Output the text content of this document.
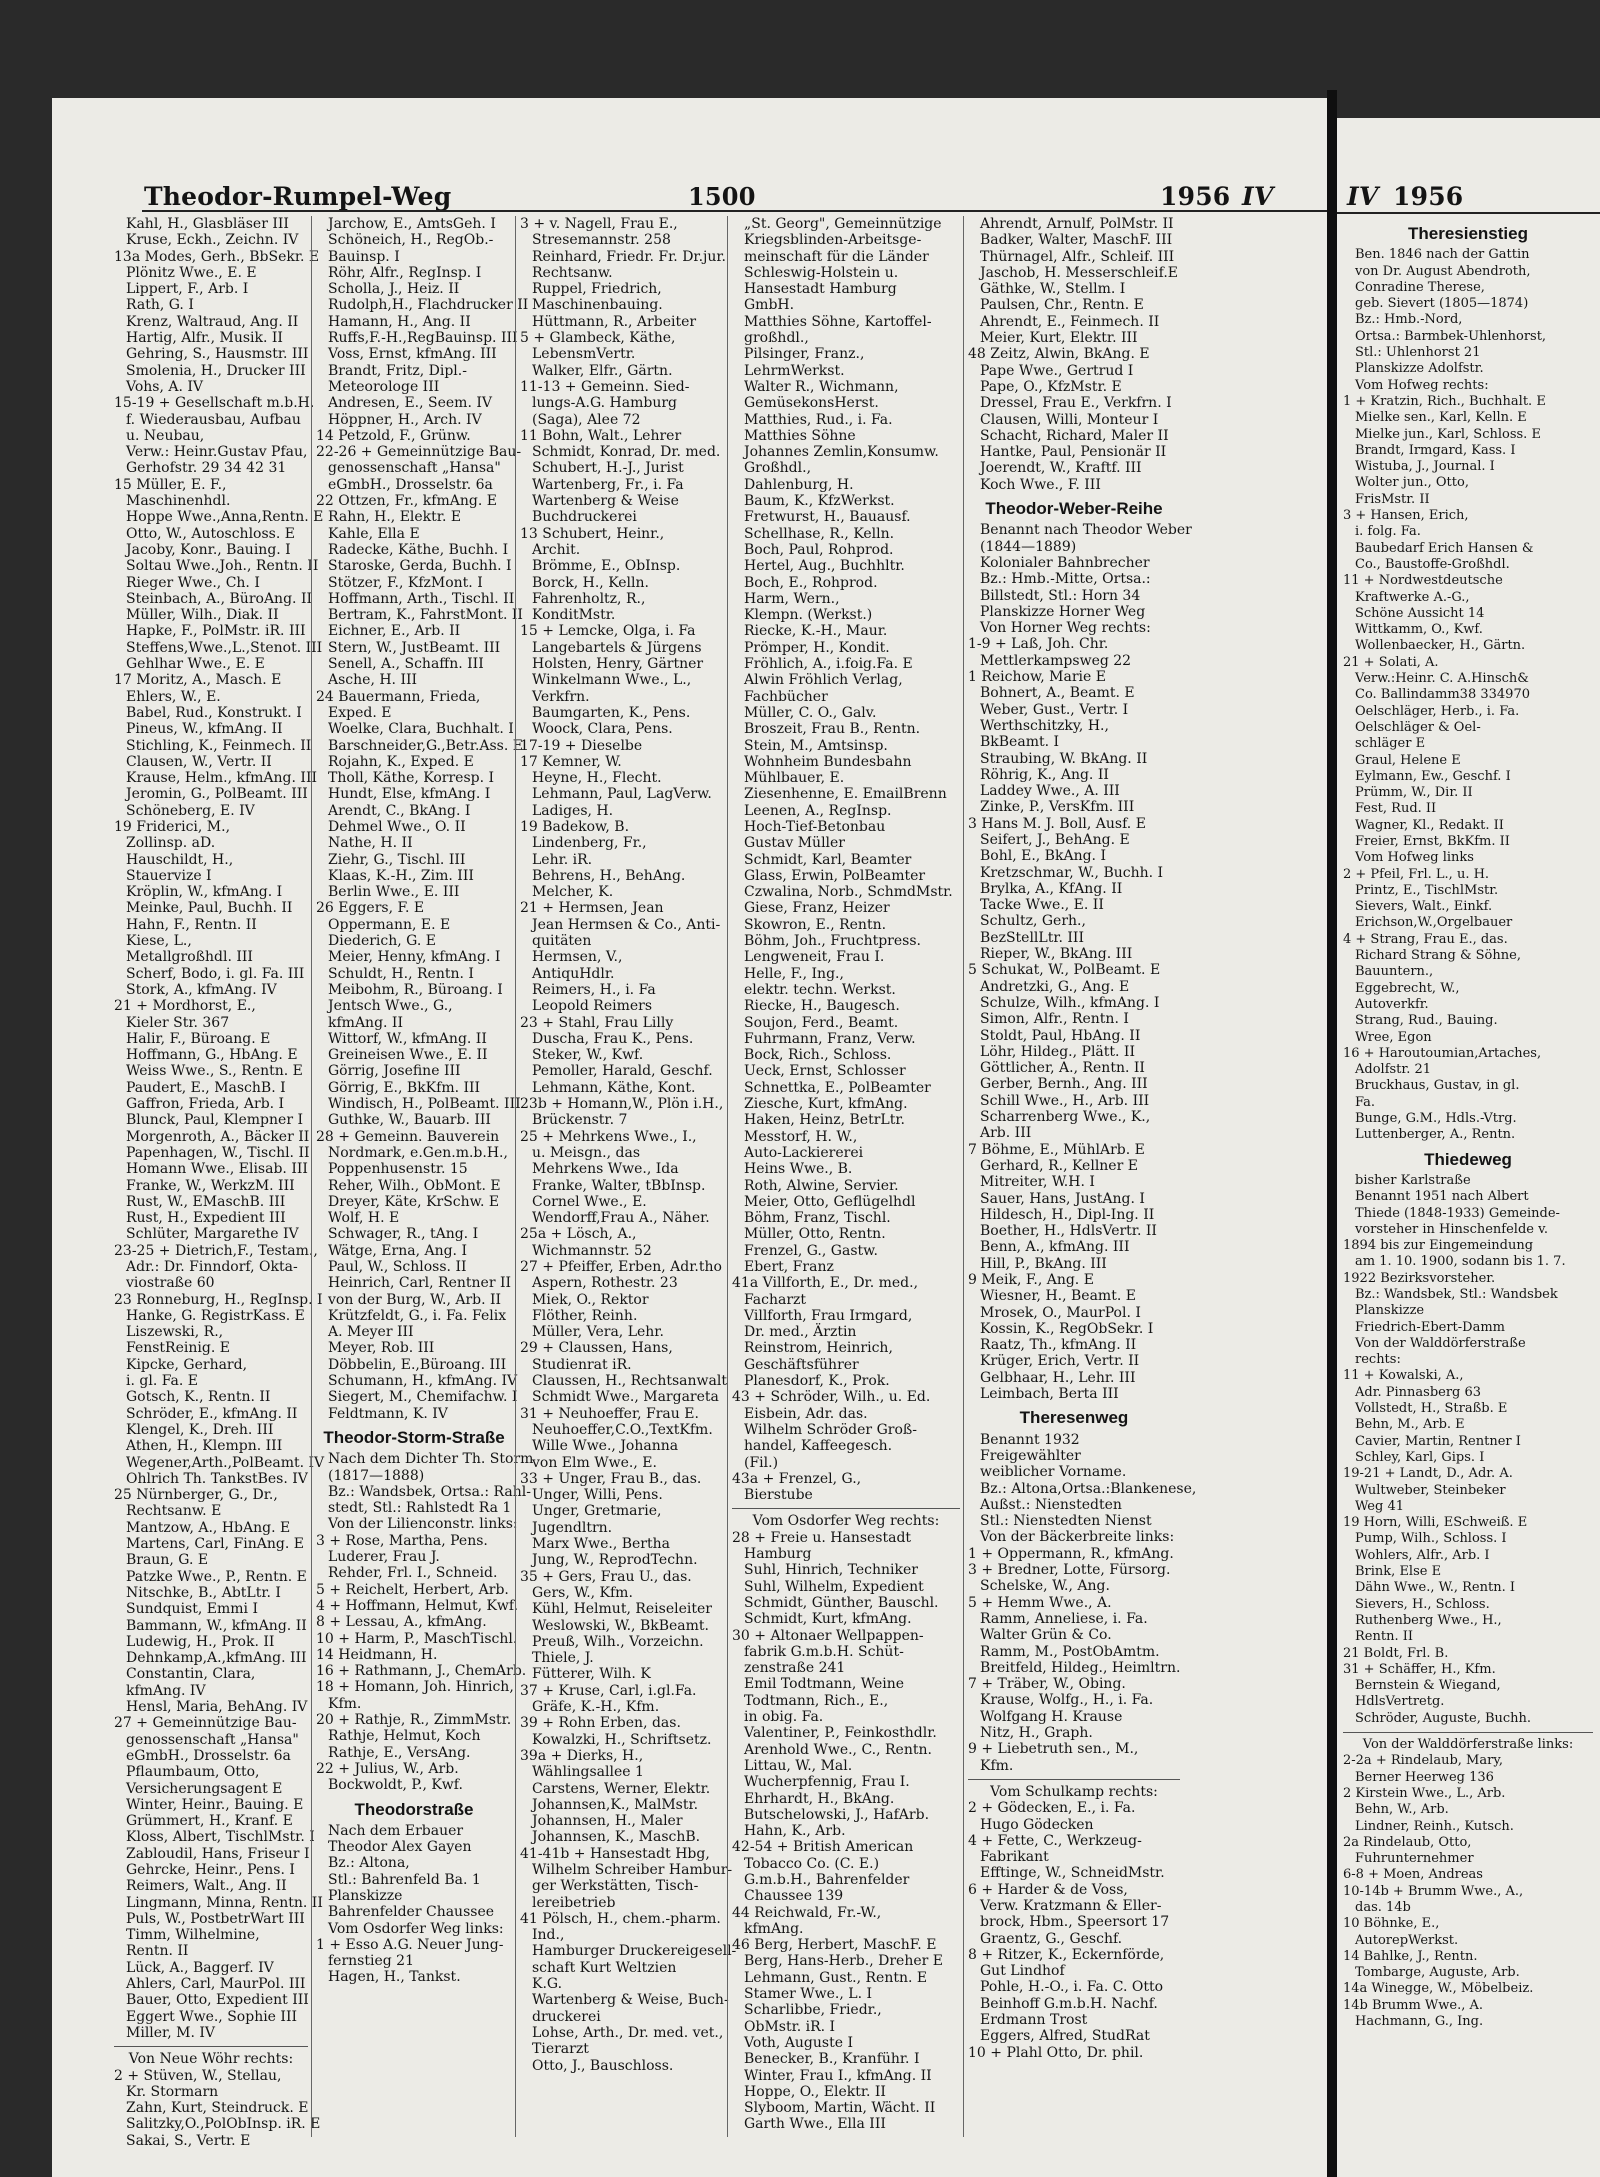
Theodor-Rumpel-Weg	1500	1956 IV
Kahl, H., Glasbläser III
Kruse, Eckh., Zeichn. IV
13a Modes, Gerh., BbSekr. E
Plönitz Wwe., E. E
Lippert, F., Arb. I
Rath, G. I
Krenz, Waltraud, Ang. II
Hartig, Alfr., Musik. II
Gehring, S., Hausmstr. III
Smolenia, H., Drucker III
Vohs, A. IV
15-19 + Gesellschaft m.b.H.
f. Wiederausbau, Aufbau
u. Neubau,
Verw.: Heinr.Gustav Pfau,
Gerhofstr. 29 34 42 31
15 Müller, E. F.,
Maschinenhdl.
Hoppe Wwe.,Anna,Rentn. E
Otto, W., Autoschloss. E
Jacoby, Konr., Bauing. I
Soltau Wwe.,Joh., Rentn. II
Rieger Wwe., Ch. I
Steinbach, A., BüroAng. II
Müller, Wilh., Diak. II
Hapke, F., PolMstr. iR. III
Steffens,Wwe.,L.,Stenot. III
Gehlhar Wwe., E. E
17 Moritz, A., Masch. E
Ehlers, W., E.
Babel, Rud., Konstrukt. I
Pineus, W., kfmAng. II
Stichling, K., Feinmech. II
Clausen, W., Vertr. II
Krause, Helm., kfmAng. III
Jeromin, G., PolBeamt. III
Schöneberg, E. IV
19 Friderici, M.,
Zollinsp. aD.
Hauschildt, H.,
Stauervize I
Kröplin, W., kfmAng. I
Meinke, Paul, Buchh. II
Hahn, F., Rentn. II
Kiese, L.,
Metallgroßhdl. III
Scherf, Bodo, i. gl. Fa. III
Stork, A., kfmAng. IV
21 + Mordhorst, E.,
Kieler Str. 367
Halir, F., Büroang. E
Hoffmann, G., HbAng. E
Weiss Wwe., S., Rentn. E
Paudert, E., MaschB. I
Gaffron, Frieda, Arb. I
Blunck, Paul, Klempner I
Morgenroth, A., Bäcker II
Papenhagen, W., Tischl. II
Homann Wwe., Elisab. III
Franke, W., WerkzM. III
Rust, W., EMaschB. III
Rust, H., Expedient III
Schlüter, Margarethe IV
23-25 + Dietrich,F., Testam.,
Adr.: Dr. Finndorf, Okta-
viostraße 60
23 Ronneburg, H., RegInsp. I
Hanke, G. RegistrKass. E
Liszewski, R.,
FenstReinig. E
Kipcke, Gerhard,
i. gl. Fa. E
Gotsch, K., Rentn. II
Schröder, E., kfmAng. II
Klengel, K., Dreh. III
Athen, H., Klempn. III
Wegener,Arth.,PolBeamt. IV
Ohlrich Th. TankstBes. IV
25 Nürnberger, G., Dr.,
Rechtsanw. E
Mantzow, A., HbAng. E
Martens, Carl, FinAng. E
Braun, G. E
Patzke Wwe., P., Rentn. E
Nitschke, B., AbtLtr. I
Sundquist, Emmi I
Bammann, W., kfmAng. II
Ludewig, H., Prok. II
Dehnkamp,A.,kfmAng. III
Constantin, Clara,
kfmAng. IV
Hensl, Maria, BehAng. IV
27 + Gemeinnützige Bau-
genossenschaft „Hansa"
eGmbH., Drosselstr. 6a
Pflaumbaum, Otto,
Versicherungsagent E
Winter, Heinr., Bauing. E
Grümmert, H., Kranf. E
Kloss, Albert, TischlMstr. I
Zabloudil, Hans, Friseur I
Gehrcke, Heinr., Pens. I
Reimers, Walt., Ang. II
Lingmann, Minna, Rentn. II
Puls, W., PostbetrWart III
Timm, Wilhelmine,
Rentn. II
Lück, A., Baggerf. IV
Ahlers, Carl, MaurPol. III
Bauer, Otto, Expedient III
Eggert Wwe., Sophie III
Miller, M. IV
Von Neue Wöhr rechts:
2 + Stüven, W., Stellau,
Kr. Stormarn
Zahn, Kurt, Steindruck. E
Salitzky,O.,PolObInsp. iR. E
Sakai, S., Vertr. E
Jarchow, E., AmtsGeh. I
Schöneich, H., RegOb.-
Bauinsp. I
Röhr, Alfr., RegInsp. I
Scholla, J., Heiz. II
Rudolph,H., Flachdrucker II
Hamann, H., Ang. II
Ruffs,F.-H.,RegBauinsp. III
Voss, Ernst, kfmAng. III
Brandt, Fritz, Dipl.-
Meteorologe III
Andresen, E., Seem. IV
Höppner, H., Arch. IV
14 Petzold, F., Grünw.
22-26 + Gemeinnützige Bau-
genossenschaft „Hansa"
eGmbH., Drosselstr. 6a
22 Ottzen, Fr., kfmAng. E
Rahn, H., Elektr. E
Kahle, Ella E
Radecke, Käthe, Buchh. I
Staroske, Gerda, Buchh. I
Stötzer, F., KfzMont. I
Hoffmann, Arth., Tischl. II
Bertram, K., FahrstMont. II
Eichner, E., Arb. II
Stern, W., JustBeamt. III
Senell, A., Schaffn. III
Asche, H. III
24 Bauermann, Frieda,
Exped. E
Woelke, Clara, Buchhalt. I
Barschneider,G.,Betr.Ass. E
Rojahn, K., Exped. E
Tholl, Käthe, Korresp. I
Hundt, Else, kfmAng. I
Arendt, C., BkAng. I
Dehmel Wwe., O. II
Nathe, H. II
Ziehr, G., Tischl. III
Klaas, K.-H., Zim. III
Berlin Wwe., E. III
26 Eggers, F. E
Oppermann, E. E
Diederich, G. E
Meier, Henny, kfmAng. I
Schuldt, H., Rentn. I
Meibohm, R., Büroang. I
Jentsch Wwe., G.,
kfmAng. II
Wittorf, W., kfmAng. II
Greineisen Wwe., E. II
Görrig, Josefine III
Görrig, E., BkKfm. III
Windisch, H., PolBeamt. III
Guthke, W., Bauarb. III
28 + Gemeinn. Bauverein
Nordmark, e.Gen.m.b.H.,
Poppenhusenstr. 15
Reher, Wilh., ObMont. E
Dreyer, Käte, KrSchw. E
Wolf, H. E
Schwager, R., tAng. I
Wätge, Erna, Ang. I
Paul, W., Schloss. II
Heinrich, Carl, Rentner II
von der Burg, W., Arb. II
Krützfeldt, G., i. Fa. Felix
A. Meyer III
Meyer, Rob. III
Döbbelin, E.,Büroang. III
Schumann, H., kfmAng. IV
Siegert, M., Chemifachw. I
Feldtmann, K. IV
Theodor-Storm-Straße
Nach dem Dichter Th. Storm
(1817—1888)
Bz.: Wandsbek, Ortsa.: Rahl-
stedt, Stl.: Rahlstedt Ra 1
Von der Lilienconstr. links:
3 + Rose, Martha, Pens.
Luderer, Frau J.
Rehder, Frl. I., Schneid.
5 + Reichelt, Herbert, Arb.
4 + Hoffmann, Helmut, Kwf.
8 + Lessau, A., kfmAng.
10 + Harm, P., MaschTischl.
14 Heidmann, H.
16 + Rathmann, J., ChemArb.
18 + Homann, Joh. Hinrich,
Kfm.
20 + Rathje, R., ZimmMstr.
Rathje, Helmut, Koch
Rathje, E., VersAng.
22 + Julius, W., Arb.
Bockwoldt, P., Kwf.
Theodorstraße
Nach dem Erbauer
Theodor Alex Gayen
Bz.: Altona,
Stl.: Bahrenfeld Ba. 1
Planskizze
Bahrenfelder Chaussee
Vom Osdorfer Weg links:
1 + Esso A.G. Neuer Jung-
fernstieg 21
Hagen, H., Tankst.
3 + v. Nagell, Frau E.,
Stresemannstr. 258
Reinhard, Friedr. Fr. Dr.jur.
Rechtsanw.
Ruppel, Friedrich,
Maschinenbauing.
Hüttmann, R., Arbeiter
5 + Glambeck, Käthe,
LebensmVertr.
Walker, Elfr., Gärtn.
11-13 + Gemeinn. Sied-
lungs-A.G. Hamburg
(Saga), Alee 72
11 Bohn, Walt., Lehrer
Schmidt, Konrad, Dr. med.
Schubert, H.-J., Jurist
Wartenberg, Fr., i. Fa
Wartenberg & Weise
Buchdruckerei
13 Schubert, Heinr.,
Archit.
Brömme, E., ObInsp.
Borck, H., Kelln.
Fahrenholtz, R.,
KonditMstr.
15 + Lemcke, Olga, i. Fa
Langebartels & Jürgens
Holsten, Henry, Gärtner
Winkelmann Wwe., L.,
Verkfrn.
Baumgarten, K., Pens.
Woock, Clara, Pens.
17-19 + Dieselbe
17 Kemner, W.
Heyne, H., Flecht.
Lehmann, Paul, LagVerw.
Ladiges, H.
19 Badekow, B.
Lindenberg, Fr.,
Lehr. iR.
Behrens, H., BehAng.
Melcher, K.
21 + Hermsen, Jean
Jean Hermsen & Co., Anti-
quitäten
Hermsen, V.,
AntiquHdlr.
Reimers, H., i. Fa
Leopold Reimers
23 + Stahl, Frau Lilly
Duscha, Frau K., Pens.
Steker, W., Kwf.
Pemoller, Harald, Geschf.
Lehmann, Käthe, Kont.
23b + Homann,W., Plön i.H.,
Brückenstr. 7
25 + Mehrkens Wwe., I.,
u. Meisgn., das
Mehrkens Wwe., Ida
Franke, Walter, tBbInsp.
Cornel Wwe., E.
Wendorff,Frau A., Näher.
25a + Lösch, A.,
Wichmannstr. 52
27 + Pfeiffer, Erben, Adr.tho
Aspern, Rothestr. 23
Miek, O., Rektor
Flöther, Reinh.
Müller, Vera, Lehr.
29 + Claussen, Hans,
Studienrat iR.
Claussen, H., Rechtsanwalt
Schmidt Wwe., Margareta
31 + Neuhoeffer, Frau E.
Neuhoeffer,C.O.,TextKfm.
Wille Wwe., Johanna
von Elm Wwe., E.
33 + Unger, Frau B., das.
Unger, Willi, Pens.
Unger, Gretmarie,
Jugendltrn.
Marx Wwe., Bertha
Jung, W., ReprodTechn.
35 + Gers, Frau U., das.
Gers, W., Kfm.
Kühl, Helmut, Reiseleiter
Weslowski, W., BkBeamt.
Preuß, Wilh., Vorzeichn.
Thiele, J.
Fütterer, Wilh. K
37 + Kruse, Carl, i.gl.Fa.
Gräfe, K.-H., Kfm.
39 + Rohn Erben, das.
Kowalzki, H., Schriftsetz.
39a + Dierks, H.,
Wählingsallee 1
Carstens, Werner, Elektr.
Johannsen,K., MalMstr.
Johannsen, H., Maler
Johannsen, K., MaschB.
41-41b + Hansestadt Hbg,
Wilhelm Schreiber Hambur-
ger Werkstätten, Tisch-
lereibetrieb
41 Pölsch, H., chem.-pharm.
Ind.,
Hamburger Druckereigesell-
schaft Kurt Weltzien
K.G.
Wartenberg & Weise, Buch-
druckerei
Lohse, Arth., Dr. med. vet.,
Tierarzt
Otto, J., Bauschloss.
„St. Georg", Gemeinnützige
Kriegsblinden-Arbeitsge-
meinschaft für die Länder
Schleswig-Holstein u.
Hansestadt Hamburg
GmbH.
Matthies Söhne, Kartoffel-
großhdl.,
Pilsinger, Franz.,
LehrmWerkst.
Walter R., Wichmann,
GemüsekonsHerst.
Matthies, Rud., i. Fa.
Matthies Söhne
Johannes Zemlin,Konsumw.
Großhdl.,
Dahlenburg, H.
Baum, K., KfzWerkst.
Fretwurst, H., Bauausf.
Schellhase, R., Kelln.
Boch, Paul, Rohprod.
Hertel, Aug., Buchhltr.
Boch, E., Rohprod.
Harm, Wern.,
Klempn. (Werkst.)
Riecke, K.-H., Maur.
Prömper, H., Kondit.
Fröhlich, A., i.foig.Fa. E
Alwin Fröhlich Verlag,
Fachbücher
Müller, C. O., Galv.
Broszeit, Frau B., Rentn.
Stein, M., Amtsinsp.
Wohnheim Bundesbahn
Mühlbauer, E.
Ziesenhenne, E. EmailBrenn
Leenen, A., RegInsp.
Hoch-Tief-Betonbau
Gustav Müller
Schmidt, Karl, Beamter
Glass, Erwin, PolBeamter
Czwalina, Norb., SchmdMstr.
Giese, Franz, Heizer
Skowron, E., Rentn.
Böhm, Joh., Fruchtpress.
Lengweneit, Frau I.
Helle, F., Ing.,
elektr. techn. Werkst.
Riecke, H., Baugesch.
Soujon, Ferd., Beamt.
Fuhrmann, Franz, Verw.
Bock, Rich., Schloss.
Ueck, Ernst, Schlosser
Schnettka, E., PolBeamter
Ziesche, Kurt, kfmAng.
Haken, Heinz, BetrLtr.
Messtorf, H. W.,
Auto-Lackiererei
Heins Wwe., B.
Roth, Alwine, Servier.
Meier, Otto, Geflügelhdl
Böhm, Franz, Tischl.
Müller, Otto, Rentn.
Frenzel, G., Gastw.
Ebert, Franz
41a Villforth, E., Dr. med.,
Facharzt
Villforth, Frau Irmgard,
Dr. med., Ärztin
Reinstrom, Heinrich,
Geschäftsführer
Planesdorf, K., Prok.
43 + Schröder, Wilh., u. Ed.
Eisbein, Adr. das.
Wilhelm Schröder Groß-
handel, Kaffeegesch.
(Fil.)
43a + Frenzel, G.,
Bierstube
Vom Osdorfer Weg rechts:
28 + Freie u. Hansestadt
Hamburg
Suhl, Hinrich, Techniker
Suhl, Wilhelm, Expedient
Schmidt, Günther, Bauschl.
Schmidt, Kurt, kfmAng.
30 + Altonaer Wellpappen-
fabrik G.m.b.H. Schüt-
zenstraße 241
Emil Todtmann, Weine
Todtmann, Rich., E.,
in obig. Fa.
Valentiner, P., Feinkosthdlr.
Arenhold Wwe., C., Rentn.
Littau, W., Mal.
Wucherpfennig, Frau I.
Ehrhardt, H., BkAng.
Butschelowski, J., HafArb.
Hahn, K., Arb.
42-54 + British American
Tobacco Co. (C. E.)
G.m.b.H., Bahrenfelder
Chaussee 139
44 Reichwald, Fr.-W.,
kfmAng.
46 Berg, Herbert, MaschF. E
Berg, Hans-Herb., Dreher E
Lehmann, Gust., Rentn. E
Stamer Wwe., L. I
Scharlibbe, Friedr.,
ObMstr. iR. I
Voth, Auguste I
Benecker, B., Kranführ. I
Winter, Frau I., kfmAng. II
Hoppe, O., Elektr. II
Slyboom, Martin, Wächt. II
Garth Wwe., Ella III
Ahrendt, Arnulf, PolMstr. II
Badker, Walter, MaschF. III
Thürnagel, Alfr., Schleif. III
Jaschob, H. Messerschleif.E
Gäthke, W., Stellm. I
Paulsen, Chr., Rentn. E
Ahrendt, E., Feinmech. II
Meier, Kurt, Elektr. III
48 Zeitz, Alwin, BkAng. E
Pape Wwe., Gertrud I
Pape, O., KfzMstr. E
Dressel, Frau E., Verkfrn. I
Clausen, Willi, Monteur I
Schacht, Richard, Maler II
Hantke, Paul, Pensionär II
Joerendt, W., Kraftf. III
Koch Wwe., F. III
Theodor-Weber-Reihe
Benannt nach Theodor Weber
(1844—1889)
Kolonialer Bahnbrecher
Bz.: Hmb.-Mitte, Ortsa.:
Billstedt, Stl.: Horn 34
Planskizze Horner Weg
Von Horner Weg rechts:
1-9 + Laß, Joh. Chr.
Mettlerkampsweg 22
1 Reichow, Marie E
Bohnert, A., Beamt. E
Weber, Gust., Vertr. I
Werthschitzky, H.,
BkBeamt. I
Straubing, W. BkAng. II
Röhrig, K., Ang. II
Laddey Wwe., A. III
Zinke, P., VersKfm. III
3 Hans M. J. Boll, Ausf. E
Seifert, J., BehAng. E
Bohl, E., BkAng. I
Kretzschmar, W., Buchh. I
Brylka, A., KfAng. II
Tacke Wwe., E. II
Schultz, Gerh.,
BezStellLtr. III
Rieper, W., BkAng. III
5 Schukat, W., PolBeamt. E
Andretzki, G., Ang. E
Schulze, Wilh., kfmAng. I
Simon, Alfr., Rentn. I
Stoldt, Paul, HbAng. II
Löhr, Hildeg., Plätt. II
Göttlicher, A., Rentn. II
Gerber, Bernh., Ang. III
Schill Wwe., H., Arb. III
Scharrenberg Wwe., K.,
Arb. III
7 Böhme, E., MühlArb. E
Gerhard, R., Kellner E
Mitreiter, W.H. I
Sauer, Hans, JustAng. I
Hildesch, H., Dipl-Ing. II
Boether, H., HdlsVertr. II
Benn, A., kfmAng. III
Hill, P., BkAng. III
9 Meik, F., Ang. E
Wiesner, H., Beamt. E
Mrosek, O., MaurPol. I
Kossin, K., RegObSekr. I
Raatz, Th., kfmAng. II
Krüger, Erich, Vertr. II
Gelbhaar, H., Lehr. III
Leimbach, Berta III
Theresenweg
Benannt 1932
Freigewählter
weiblicher Vorname.
Bz.: Altona,Ortsa.:Blankenese,
Außst.: Nienstedten
Stl.: Nienstedten Nienst
Von der Bäckerbreite links:
1 + Oppermann, R., kfmAng.
3 + Bredner, Lotte, Fürsorg.
Schelske, W., Ang.
5 + Hemm Wwe., A.
Ramm, Anneliese, i. Fa.
Walter Grün & Co.
Ramm, M., PostObAmtm.
Breitfeld, Hildeg., Heimltrn.
7 + Träber, W., Obing.
Krause, Wolfg., H., i. Fa.
Wolfgang H. Krause
Nitz, H., Graph.
9 + Liebetruth sen., M.,
Kfm.
Vom Schulkamp rechts:
2 + Gödecken, E., i. Fa.
Hugo Gödecken
4 + Fette, C., Werkzeug-
Fabrikant
Efftinge, W., SchneidMstr.
6 + Harder & de Voss,
Verw. Kratzmann & Eller-
brock, Hbm., Speersort 17
Graentz, G., Geschf.
8 + Ritzer, K., Eckernförde,
Gut Lindhof
Pohle, H.-O., i. Fa. C. Otto
Beinhoff G.m.b.H. Nachf.
Erdmann Trost
Eggers, Alfred, StudRat
10 + Plahl Otto, Dr. phil.
IV 1956
Theresienstieg
Ben. 1846 nach der Gattin
von Dr. August Abendroth,
Conradine Therese,
geb. Sievert (1805—1874)
Bz.: Hmb.-Nord,
Ortsa.: Barmbek-Uhlenhorst,
Stl.: Uhlenhorst 21
Planskizze Adolfstr.
Vom Hofweg rechts:
1 + Kratzin, Rich., Buchhalt. E
Mielke sen., Karl, Kelln. E
Mielke jun., Karl, Schloss. E
Brandt, Irmgard, Kass. I
Wistuba, J., Journal. I
Wolter jun., Otto,
FrisMstr. II
3 + Hansen, Erich,
i. folg. Fa.
Baubedarf Erich Hansen &
Co., Baustoffe-Großhdl.
11 + Nordwestdeutsche
Kraftwerke A.-G.,
Schöne Aussicht 14
Wittkamm, O., Kwf.
Wollenbaecker, H., Gärtn.
21 + Solati, A.
Verw.:Heinr. C. A.Hinsch&
Co. Ballindamm38 334970
Oelschläger, Herb., i. Fa.
Oelschläger & Oel-
schläger E
Graul, Helene E
Eylmann, Ew., Geschf. I
Prümm, W., Dir. II
Fest, Rud. II
Wagner, Kl., Redakt. II
Freier, Ernst, BkKfm. II
Vom Hofweg links
2 + Pfeil, Frl. L., u. H.
Printz, E., TischlMstr.
Sievers, Walt., Einkf.
Erichson,W.,Orgelbauer
4 + Strang, Frau E., das.
Richard Strang & Söhne,
Bauuntern.,
Eggebrecht, W.,
Autoverkfr.
Strang, Rud., Bauing.
Wree, Egon
16 + Haroutoumian,Artaches,
Adolfstr. 21
Bruckhaus, Gustav, in gl.
Fa.
Bunge, G.M., Hdls.-Vtrg.
Luttenberger, A., Rentn.
Thiedeweg
bisher Karlstraße
Benannt 1951 nach Albert
Thiede (1848-1933) Gemeinde-
vorsteher in Hinschenfelde v.
1894 bis zur Eingemeindung
am 1. 10. 1900, sodann bis 1. 7.
1922 Bezirksvorsteher.
Bz.: Wandsbek, Stl.: Wandsbek
Planskizze
Friedrich-Ebert-Damm
Von der Walddörferstraße
rechts:
11 + Kowalski, A.,
Adr. Pinnasberg 63
Vollstedt, H., Straßb. E
Behn, M., Arb. E
Cavier, Martin, Rentner I
Schley, Karl, Gips. I
19-21 + Landt, D., Adr. A.
Wultweber, Steinbeker
Weg 41
19 Horn, Willi, ESchweiß. E
Pump, Wilh., Schloss. I
Wohlers, Alfr., Arb. I
Brink, Else E
Dähn Wwe., W., Rentn. I
Sievers, H., Schloss.
Ruthenberg Wwe., H.,
Rentn. II
21 Boldt, Frl. B.
31 + Schäffer, H., Kfm.
Bernstein & Wiegand,
HdlsVertretg.
Schröder, Auguste, Buchh.
Von der Walddörferstraße links:
2-2a + Rindelaub, Mary,
Berner Heerweg 136
2 Kirstein Wwe., L., Arb.
Behn, W., Arb.
Lindner, Reinh., Kutsch.
2a Rindelaub, Otto,
Fuhrunternehmer
6-8 + Moen, Andreas
10-14b + Brumm Wwe., A.,
das. 14b
10 Böhnke, E.,
AutorepWerkst.
14 Bahlke, J., Rentn.
Tombarge, Auguste, Arb.
14a Winegge, W., Möbelbeiz.
14b Brumm Wwe., A.
Hachmann, G., Ing.
